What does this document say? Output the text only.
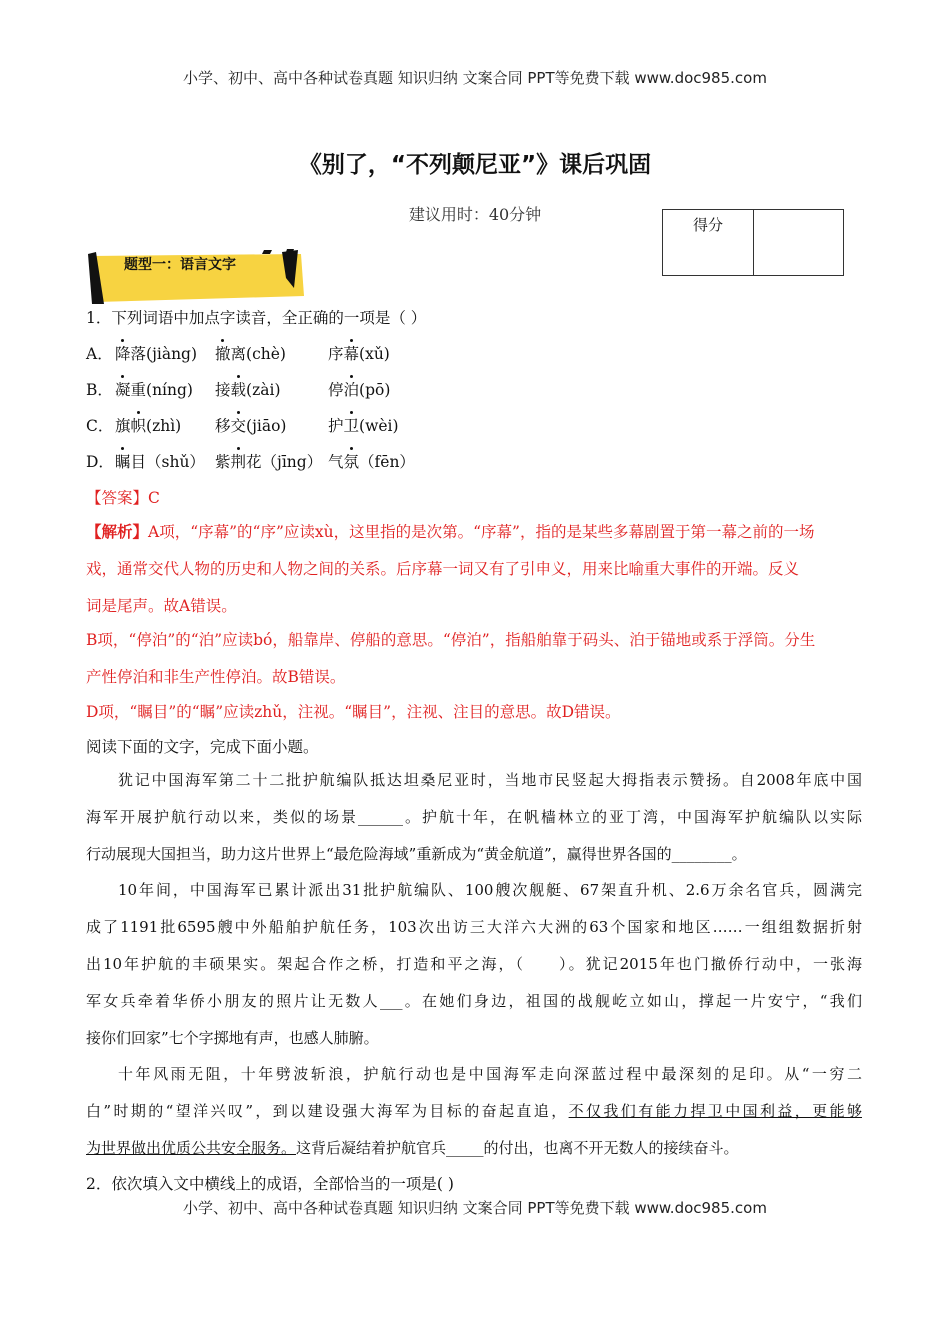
小学、初中、高中各种试卷真题 知识归纳 文案合同 PPT等免费下载 www.doc985.com
《别了，“不列颠尼亚”》课后巩固
建议用时：40分钟
得分
题型一：语言文字
1．下列词语中加点字读音，全正确的一项是（ ）
A． 降落(jiàng) 撤离(chè)	序幕(xǔ)
B． 凝重(níng) 接载(zài)	停泊(pō)
C． 旗帜(zhì) 移交(jiāo)	护卫(wèi)
D． 瞩目（shǔ） 紫荆花（jīng） 气氛（fēn）
【答案】C
【解析】A项，“序幕”的“序”应读xù，这里指的是次第。“序幕”，指的是某些多幕剧置于第一幕之前的一场
戏，通常交代人物的历史和人物之间的关系。后序幕一词又有了引申义，用来比喻重大事件的开端。反义
词是尾声。故A错误。
B项，“停泊”的“泊”应读bó，船靠岸、停船的意思。“停泊”，指船舶靠于码头、泊于锚地或系于浮筒。分生
产性停泊和非生产性停泊。故B错误。
D项，“瞩目”的“瞩”应读zhǔ，注视。“瞩目”，注视、注目的意思。故D错误。
阅读下面的文字，完成下面小题。
犹记中国海军第二十二批护航编队抵达坦桑尼亚时，当地市民竖起大拇指表示赞扬。自2008年底中国
海军开展护航行动以来，类似的场景______。护航十年，在帆樯林立的亚丁湾，中国海军护航编队以实际
行动展现大国担当，助力这片世界上“最危险海域”重新成为“黄金航道”，赢得世界各国的________。
10年间，中国海军已累计派出31批护航编队、100艘次舰艇、67架直升机、2.6万余名官兵，圆满完
成了1191批6595艘中外船舶护航任务，103次出访三大洋六大洲的63个国家和地区……一组组数据折射
出10年护航的丰硕果实。架起合作之桥，打造和平之海，（　　）。犹记2015年也门撤侨行动中，一张海
军女兵牵着华侨小朋友的照片让无数人___。在她们身边，祖国的战舰屹立如山，撑起一片安宁，“我们
接你们回家”七个字掷地有声，也感人肺腑。
十年风雨无阻，十年劈波斩浪，护航行动也是中国海军走向深蓝过程中最深刻的足印。从“一穷二
白”时期的“望洋兴叹”，到以建设强大海军为目标的奋起直追，不仅我们有能力捍卫中国利益，更能够
为世界做出优质公共安全服务。这背后凝结着护航官兵_____的付出，也离不开无数人的接续奋斗。
2．依次填入文中横线上的成语，全部恰当的一项是( )
小学、初中、高中各种试卷真题 知识归纳 文案合同 PPT等免费下载 www.doc985.com
